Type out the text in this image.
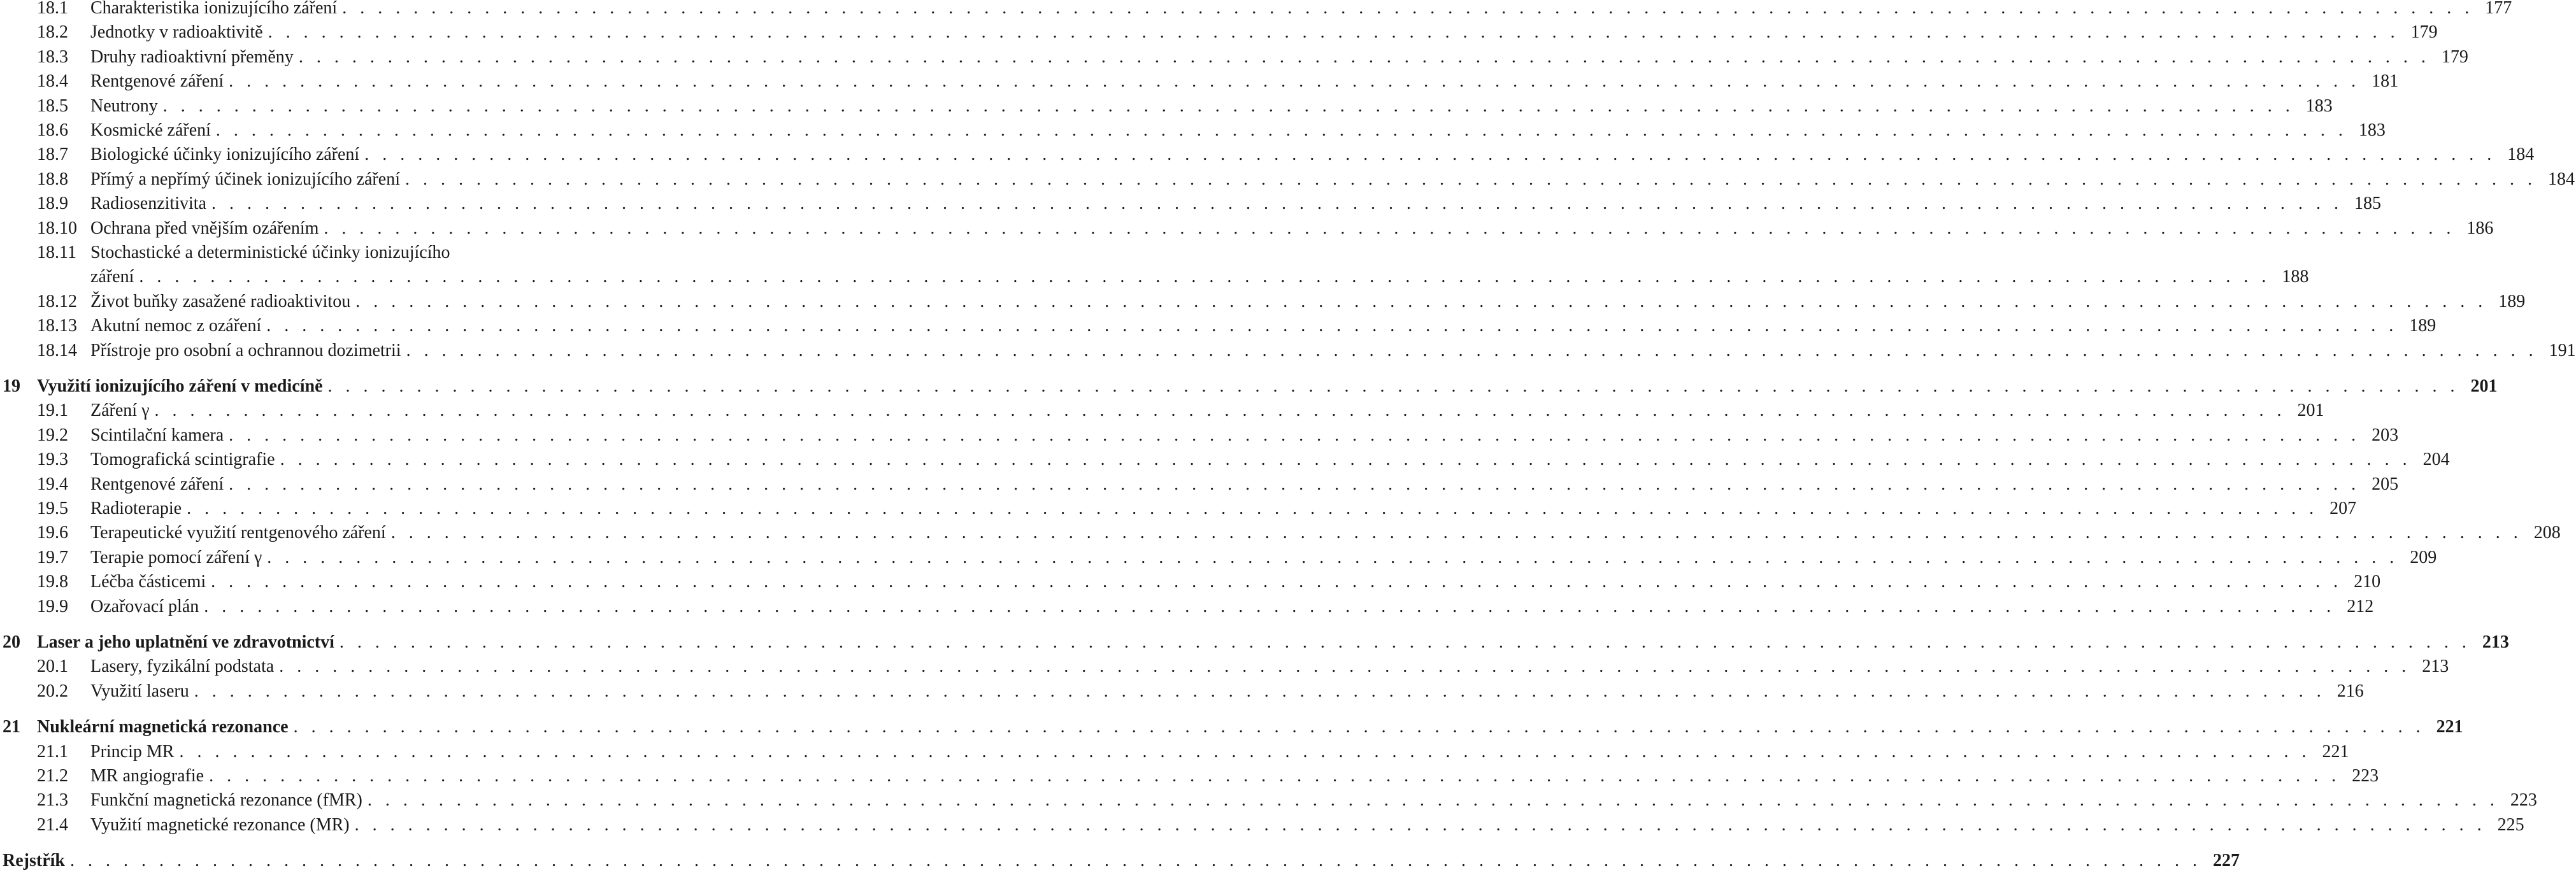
18.1 Charakteristika ionizujícího záření . . . . . . . . . . . . . . . . . . . . . . . . . . . . . . . . . . . . . . . . . . . . . . . . . . . . . . . . . . . . . . . . . . . . . . . . . . . . . . . . . . . . . . . . . . . . . . . . . . . . . . . . . . . . . . . . . . . . . . . . 177
18.2 Jednotky v radioaktivitě . . . . . . . . . . . . . . . . . . . . . . . . . . . . . . . . . . . . . . . . . . . . . . . . . . . . . . . . . . . . . . . . . . . . . . . . . . . . . . . . . . . . . . . . . . . . . . . . . . . . . . . . . . . . . . . . . . . . . . . . 179
18.3 Druhy radioaktivní přeměny . . . . . . . . . . . . . . . . . . . . . . . . . . . . . . . . . . . . . . . . . . . . . . . . . . . . . . . . . . . . . . . . . . . . . . . . . . . . . . . . . . . . . . . . . . . . . . . . . . . . . . . . . . . . . . . . . . . . . . . . 179
18.4 Rentgenové záření . . . . . . . . . . . . . . . . . . . . . . . . . . . . . . . . . . . . . . . . . . . . . . . . . . . . . . . . . . . . . . . . . . . . . . . . . . . . . . . . . . . . . . . . . . . . . . . . . . . . . . . . . . . . . . . . . . . . . . . . 181
18.5 Neutrony . . . . . . . . . . . . . . . . . . . . . . . . . . . . . . . . . . . . . . . . . . . . . . . . . . . . . . . . . . . . . . . . . . . . . . . . . . . . . . . . . . . . . . . . . . . . . . . . . . . . . . . . . . . . . . . . . . . . . . . . 183
18.6 Kosmické záření . . . . . . . . . . . . . . . . . . . . . . . . . . . . . . . . . . . . . . . . . . . . . . . . . . . . . . . . . . . . . . . . . . . . . . . . . . . . . . . . . . . . . . . . . . . . . . . . . . . . . . . . . . . . . . . . . . . . . . . . 183
18.7 Biologické účinky ionizujícího záření . . . . . . . . . . . . . . . . . . . . . . . . . . . . . . . . . . . . . . . . . . . . . . . . . . . . . . . . . . . . . . . . . . . . . . . . . . . . . . . . . . . . . . . . . . . . . . . . . . . . . . . . . . . . . . . . . . . . . . . . 184
18.8 Přímý a nepřímý účinek ionizujícího záření . . . . . . . . . . . . . . . . . . . . . . . . . . . . . . . . . . . . . . . . . . . . . . . . . . . . . . . . . . . . . . . . . . . . . . . . . . . . . . . . . . . . . . . . . . . . . . . . . . . . . . . . . . . . . . . . . . . . . . . . 184
18.9 Radiosenzitivita . . . . . . . . . . . . . . . . . . . . . . . . . . . . . . . . . . . . . . . . . . . . . . . . . . . . . . . . . . . . . . . . . . . . . . . . . . . . . . . . . . . . . . . . . . . . . . . . . . . . . . . . . . . . . . . . . . . . . . . . 185
18.10 Ochrana před vnějším ozářením . . . . . . . . . . . . . . . . . . . . . . . . . . . . . . . . . . . . . . . . . . . . . . . . . . . . . . . . . . . . . . . . . . . . . . . . . . . . . . . . . . . . . . . . . . . . . . . . . . . . . . . . . . . . . . . . . . . . . . . . 186
18.11 Stochastické a deterministické účinky ionizujícího
záření . . . . . . . . . . . . . . . . . . . . . . . . . . . . . . . . . . . . . . . . . . . . . . . . . . . . . . . . . . . . . . . . . . . . . . . . . . . . . . . . . . . . . . . . . . . . . . . . . . . . . . . . . . . . . . . . . . . . . . . . 188
18.12 Život buňky zasažené radioaktivitou . . . . . . . . . . . . . . . . . . . . . . . . . . . . . . . . . . . . . . . . . . . . . . . . . . . . . . . . . . . . . . . . . . . . . . . . . . . . . . . . . . . . . . . . . . . . . . . . . . . . . . . . . . . . . . . . . . . . . . . . 189
18.13 Akutní nemoc z ozáření . . . . . . . . . . . . . . . . . . . . . . . . . . . . . . . . . . . . . . . . . . . . . . . . . . . . . . . . . . . . . . . . . . . . . . . . . . . . . . . . . . . . . . . . . . . . . . . . . . . . . . . . . . . . . . . . . . . . . . . . 189
18.14 Přístroje pro osobní a ochrannou dozimetrii . . . . . . . . . . . . . . . . . . . . . . . . . . . . . . . . . . . . . . . . . . . . . . . . . . . . . . . . . . . . . . . . . . . . . . . . . . . . . . . . . . . . . . . . . . . . . . . . . . . . . . . . . . . . . . . . . . . . . . . . 191
19 Využití ionizujícího záření v medicíně . . . . . . . . . . . . . . . . . . . . . . . . . . . . . . . . . . . . . . . . . . . . . . . . . . . . . . . . . . . . . . . . . . . . . . . . . . . . . . . . . . . . . . . . . . . . . . . . . . . . . . . . . . . . . . . . . . . . . . . . 201
19.1 Záření γ . . . . . . . . . . . . . . . . . . . . . . . . . . . . . . . . . . . . . . . . . . . . . . . . . . . . . . . . . . . . . . . . . . . . . . . . . . . . . . . . . . . . . . . . . . . . . . . . . . . . . . . . . . . . . . . . . . . . . . . . 201
19.2 Scintilační kamera . . . . . . . . . . . . . . . . . . . . . . . . . . . . . . . . . . . . . . . . . . . . . . . . . . . . . . . . . . . . . . . . . . . . . . . . . . . . . . . . . . . . . . . . . . . . . . . . . . . . . . . . . . . . . . . . . . . . . . . . 203
19.3 Tomografická scintigrafie . . . . . . . . . . . . . . . . . . . . . . . . . . . . . . . . . . . . . . . . . . . . . . . . . . . . . . . . . . . . . . . . . . . . . . . . . . . . . . . . . . . . . . . . . . . . . . . . . . . . . . . . . . . . . . . . . . . . . . . . 204
19.4 Rentgenové záření . . . . . . . . . . . . . . . . . . . . . . . . . . . . . . . . . . . . . . . . . . . . . . . . . . . . . . . . . . . . . . . . . . . . . . . . . . . . . . . . . . . . . . . . . . . . . . . . . . . . . . . . . . . . . . . . . . . . . . . . 205
19.5 Radioterapie . . . . . . . . . . . . . . . . . . . . . . . . . . . . . . . . . . . . . . . . . . . . . . . . . . . . . . . . . . . . . . . . . . . . . . . . . . . . . . . . . . . . . . . . . . . . . . . . . . . . . . . . . . . . . . . . . . . . . . . . 207
19.6 Terapeutické využití rentgenového záření . . . . . . . . . . . . . . . . . . . . . . . . . . . . . . . . . . . . . . . . . . . . . . . . . . . . . . . . . . . . . . . . . . . . . . . . . . . . . . . . . . . . . . . . . . . . . . . . . . . . . . . . . . . . . . . . . . . . . . . . 208
19.7 Terapie pomocí záření γ . . . . . . . . . . . . . . . . . . . . . . . . . . . . . . . . . . . . . . . . . . . . . . . . . . . . . . . . . . . . . . . . . . . . . . . . . . . . . . . . . . . . . . . . . . . . . . . . . . . . . . . . . . . . . . . . . . . . . . . . 209
19.8 Léčba částicemi . . . . . . . . . . . . . . . . . . . . . . . . . . . . . . . . . . . . . . . . . . . . . . . . . . . . . . . . . . . . . . . . . . . . . . . . . . . . . . . . . . . . . . . . . . . . . . . . . . . . . . . . . . . . . . . . . . . . . . . . 210
19.9 Ozařovací plán . . . . . . . . . . . . . . . . . . . . . . . . . . . . . . . . . . . . . . . . . . . . . . . . . . . . . . . . . . . . . . . . . . . . . . . . . . . . . . . . . . . . . . . . . . . . . . . . . . . . . . . . . . . . . . . . . . . . . . . . 212
20 Laser a jeho uplatnění ve zdravotnictví . . . . . . . . . . . . . . . . . . . . . . . . . . . . . . . . . . . . . . . . . . . . . . . . . . . . . . . . . . . . . . . . . . . . . . . . . . . . . . . . . . . . . . . . . . . . . . . . . . . . . . . . . . . . . . . . . . . . . . . . 213
20.1 Lasery, fyzikální podstata . . . . . . . . . . . . . . . . . . . . . . . . . . . . . . . . . . . . . . . . . . . . . . . . . . . . . . . . . . . . . . . . . . . . . . . . . . . . . . . . . . . . . . . . . . . . . . . . . . . . . . . . . . . . . . . . . . . . . . . . 213
20.2 Využití laseru . . . . . . . . . . . . . . . . . . . . . . . . . . . . . . . . . . . . . . . . . . . . . . . . . . . . . . . . . . . . . . . . . . . . . . . . . . . . . . . . . . . . . . . . . . . . . . . . . . . . . . . . . . . . . . . . . . . . . . . . 216
21 Nukleární magnetická rezonance . . . . . . . . . . . . . . . . . . . . . . . . . . . . . . . . . . . . . . . . . . . . . . . . . . . . . . . . . . . . . . . . . . . . . . . . . . . . . . . . . . . . . . . . . . . . . . . . . . . . . . . . . . . . . . . . . . . . . . . . 221
21.1 Princip MR . . . . . . . . . . . . . . . . . . . . . . . . . . . . . . . . . . . . . . . . . . . . . . . . . . . . . . . . . . . . . . . . . . . . . . . . . . . . . . . . . . . . . . . . . . . . . . . . . . . . . . . . . . . . . . . . . . . . . . . . 221
21.2 MR angiografie . . . . . . . . . . . . . . . . . . . . . . . . . . . . . . . . . . . . . . . . . . . . . . . . . . . . . . . . . . . . . . . . . . . . . . . . . . . . . . . . . . . . . . . . . . . . . . . . . . . . . . . . . . . . . . . . . . . . . . . . 223
21.3 Funkční magnetická rezonance (fMR) . . . . . . . . . . . . . . . . . . . . . . . . . . . . . . . . . . . . . . . . . . . . . . . . . . . . . . . . . . . . . . . . . . . . . . . . . . . . . . . . . . . . . . . . . . . . . . . . . . . . . . . . . . . . . . . . . . . . . . . . 223
21.4 Využití magnetické rezonance (MR) . . . . . . . . . . . . . . . . . . . . . . . . . . . . . . . . . . . . . . . . . . . . . . . . . . . . . . . . . . . . . . . . . . . . . . . . . . . . . . . . . . . . . . . . . . . . . . . . . . . . . . . . . . . . . . . . . . . . . . . . 225
Rejstřík . . . . . . . . . . . . . . . . . . . . . . . . . . . . . . . . . . . . . . . . . . . . . . . . . . . . . . . . . . . . . . . . . . . . . . . . . . . . . . . . . . . . . . . . . . . . . . . . . . . . . . . . . . . . . . . . . . . . . . . . 227
